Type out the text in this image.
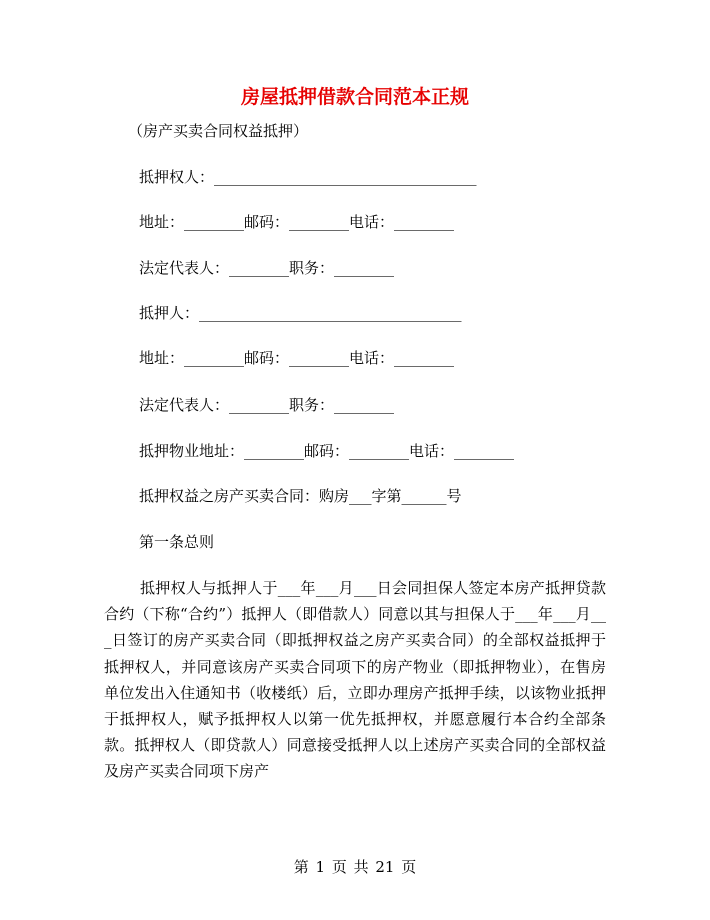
房屋抵押借款合同范本正规
（房产买卖合同权益抵押）
抵押权人：___________________________________
地址：________邮码：________电话：________
法定代表人：________职务：________
抵押人：___________________________________
地址：________邮码：________电话：________
法定代表人：________职务：________
抵押物业地址：________邮码：________电话：________
抵押权益之房产买卖合同：购房___字第______号
第一条总则
抵押权人与抵押人于___年___月___日会同担保人签定本房产抵押贷款合约（下称“合约”）抵押人（即借款人）同意以其与担保人于___年___月___日签订的房产买卖合同（即抵押权益之房产买卖合同）的全部权益抵押于抵押权人，并同意该房产买卖合同项下的房产物业（即抵押物业），在售房单位发出入住通知书（收楼纸）后，立即办理房产抵押手续，以该物业抵押于抵押权人，赋予抵押权人以第一优先抵押权，并愿意履行本合约全部条款。抵押权人（即贷款人）同意接受抵押人以上述房产买卖合同的全部权益及房产买卖合同项下房产
第 1 页 共 21 页
